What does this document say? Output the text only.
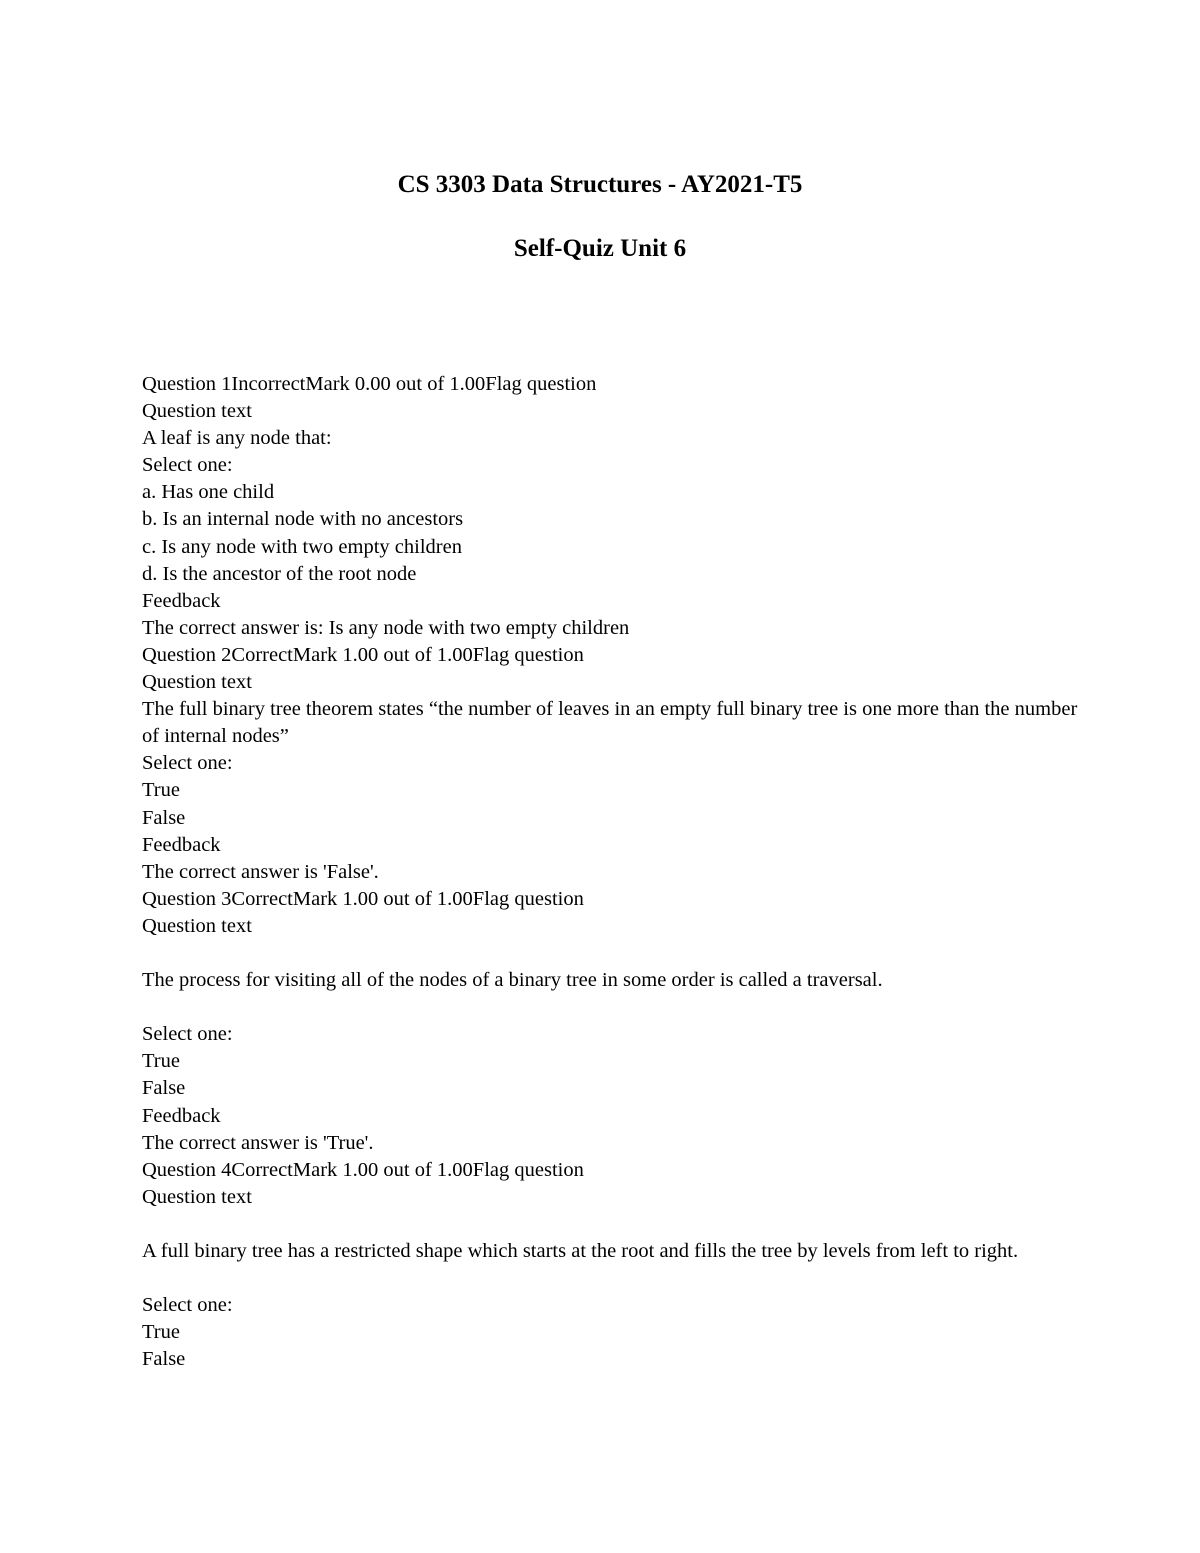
CS 3303 Data Structures - AY2021-T5
Self-Quiz Unit 6
Question 1IncorrectMark 0.00 out of 1.00Flag question
Question text
A leaf is any node that:
Select one:
a. Has one child
b. Is an internal node with no ancestors
c. Is any node with two empty children
d. Is the ancestor of the root node
Feedback
The correct answer is: Is any node with two empty children
Question 2CorrectMark 1.00 out of 1.00Flag question
Question text
The full binary tree theorem states “the number of leaves in an empty full binary tree is one more than the number of internal nodes”
Select one:
True
False
Feedback
The correct answer is 'False'.
Question 3CorrectMark 1.00 out of 1.00Flag question
Question text
The process for visiting all of the nodes of a binary tree in some order is called a traversal.
Select one:
True
False
Feedback
The correct answer is 'True'.
Question 4CorrectMark 1.00 out of 1.00Flag question
Question text
A full binary tree has a restricted shape which starts at the root and fills the tree by levels from left to right.
Select one:
True
False
